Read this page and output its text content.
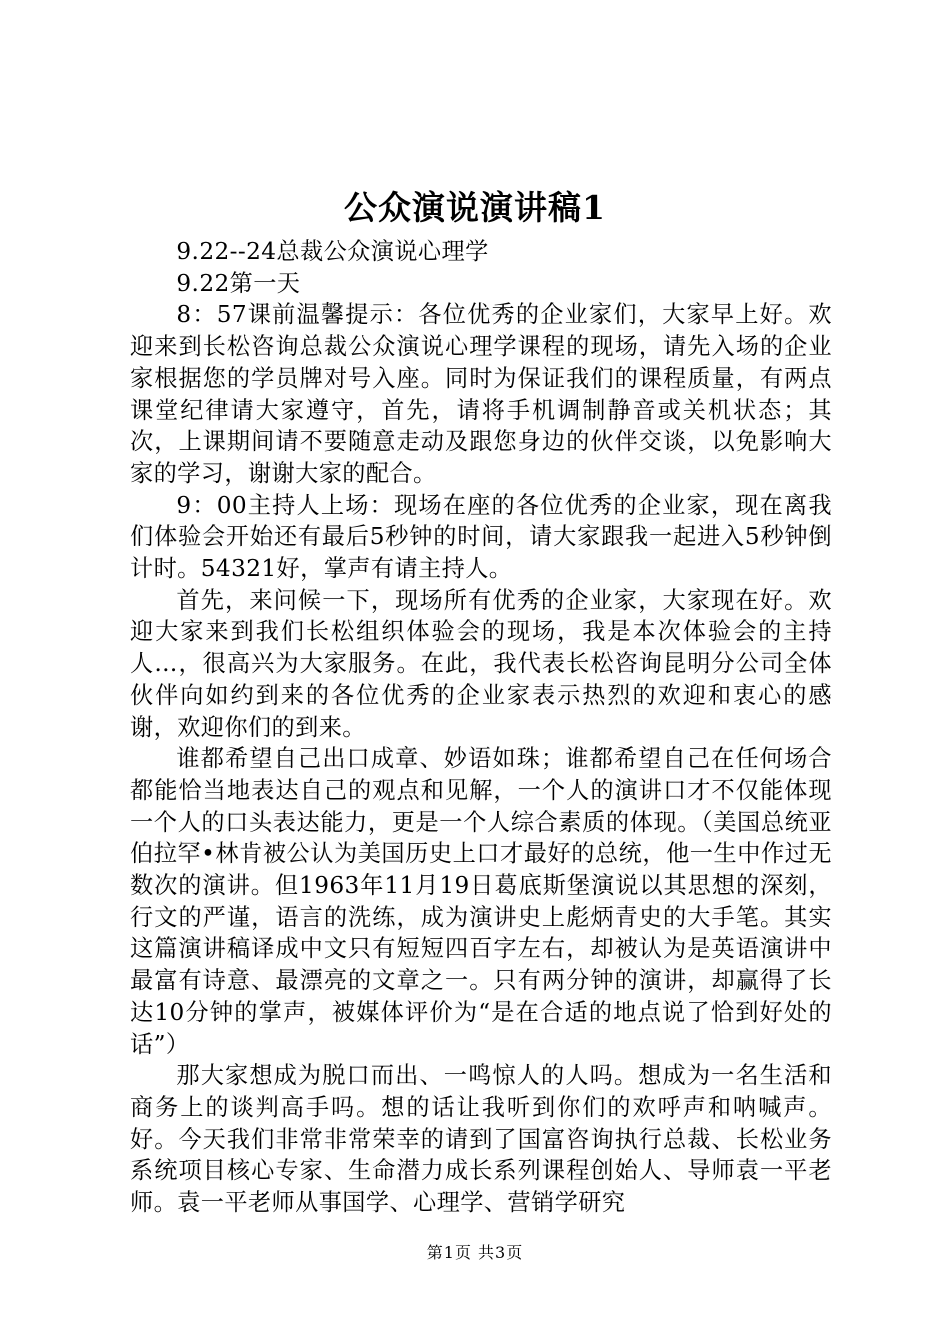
公众演说演讲稿1

9.22--24总裁公众演说心理学

9.22第一天

8：57课前温馨提示：各位优秀的企业家们，大家早上好。欢迎来到长松咨询总裁公众演说心理学课程的现场，请先入场的企业家根据您的学员牌对号入座。同时为保证我们的课程质量，有两点课堂纪律请大家遵守，首先，请将手机调制静音或关机状态；其次，上课期间请不要随意走动及跟您身边的伙伴交谈，以免影响大家的学习，谢谢大家的配合。

9：00主持人上场：现场在座的各位优秀的企业家，现在离我们体验会开始还有最后5秒钟的时间，请大家跟我一起进入5秒钟倒计时。54321好，掌声有请主持人。

首先，来问候一下，现场所有优秀的企业家，大家现在好。欢迎大家来到我们长松组织体验会的现场，我是本次体验会的主持人…，很高兴为大家服务。在此，我代表长松咨询昆明分公司全体伙伴向如约到来的各位优秀的企业家表示热烈的欢迎和衷心的感谢，欢迎你们的到来。

谁都希望自己出口成章、妙语如珠；谁都希望自己在任何场合都能恰当地表达自己的观点和见解，一个人的演讲口才不仅能体现一个人的口头表达能力，更是一个人综合素质的体现。（美国总统亚伯拉罕•林肯被公认为美国历史上口才最好的总统，他一生中作过无数次的演讲。但1963年11月19日葛底斯堡演说以其思想的深刻，行文的严谨，语言的洗练，成为演讲史上彪炳青史的大手笔。其实这篇演讲稿译成中文只有短短四百字左右，却被认为是英语演讲中最富有诗意、最漂亮的文章之一。只有两分钟的演讲，却赢得了长达10分钟的掌声，被媒体评价为“是在合适的地点说了恰到好处的话”）

那大家想成为脱口而出、一鸣惊人的人吗。想成为一名生活和商务上的谈判高手吗。想的话让我听到你们的欢呼声和呐喊声。好。今天我们非常非常荣幸的请到了国富咨询执行总裁、长松业务系统项目核心专家、生命潜力成长系列课程创始人、导师袁一平老师。袁一平老师从事国学、心理学、营销学研究

第1页 共3页
